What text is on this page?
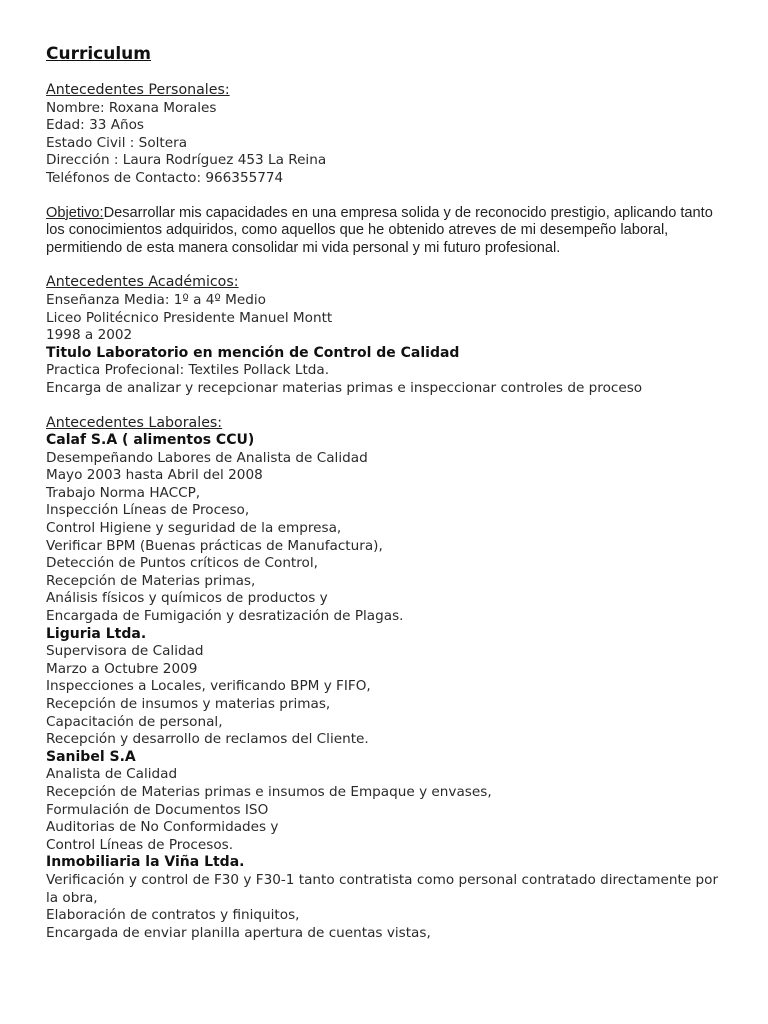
Curriculum
Antecedentes Personales:
Nombre: Roxana Morales
Edad: 33 Años
Estado Civil : Soltera
Dirección : Laura Rodríguez 453 La Reina
Teléfonos de Contacto: 966355774
Objetivo:Desarrollar mis capacidades en una empresa solida y de reconocido prestigio, aplicando tanto
los conocimientos adquiridos, como aquellos que he obtenido atreves de mi desempeño laboral,
permitiendo de esta manera consolidar mi vida personal y mi futuro profesional.
Antecedentes Académicos:
Enseñanza Media: 1º a 4º Medio
Liceo Politécnico Presidente Manuel Montt
1998 a 2002
Titulo Laboratorio en mención de Control de Calidad
Practica Profecional: Textiles Pollack Ltda.
Encarga de analizar y recepcionar materias primas e inspeccionar controles de proceso
Antecedentes Laborales:
Calaf S.A ( alimentos CCU)
Desempeñando Labores de Analista de Calidad
Mayo 2003 hasta Abril del 2008
Trabajo Norma HACCP,
Inspección Líneas de Proceso,
Control Higiene y seguridad de la empresa,
Verificar BPM (Buenas prácticas de Manufactura),
Detección de Puntos críticos de Control,
Recepción de Materias primas,
Análisis físicos y químicos de productos y
Encargada de Fumigación y desratización de Plagas.
Liguria Ltda.
Supervisora de Calidad
Marzo a Octubre 2009
Inspecciones a Locales, verificando BPM y FIFO,
Recepción de insumos y materias primas,
Capacitación de personal,
Recepción y desarrollo de reclamos del Cliente.
Sanibel S.A
Analista de Calidad
Recepción de Materias primas e insumos de Empaque y envases,
Formulación de Documentos ISO
Auditorias de No Conformidades y
Control Líneas de Procesos.
Inmobiliaria la Viña Ltda.
Verificación y control de F30 y F30-1 tanto contratista como personal contratado directamente por la obra,
Elaboración de contratos y finiquitos,
Encargada de enviar planilla apertura de cuentas vistas,
